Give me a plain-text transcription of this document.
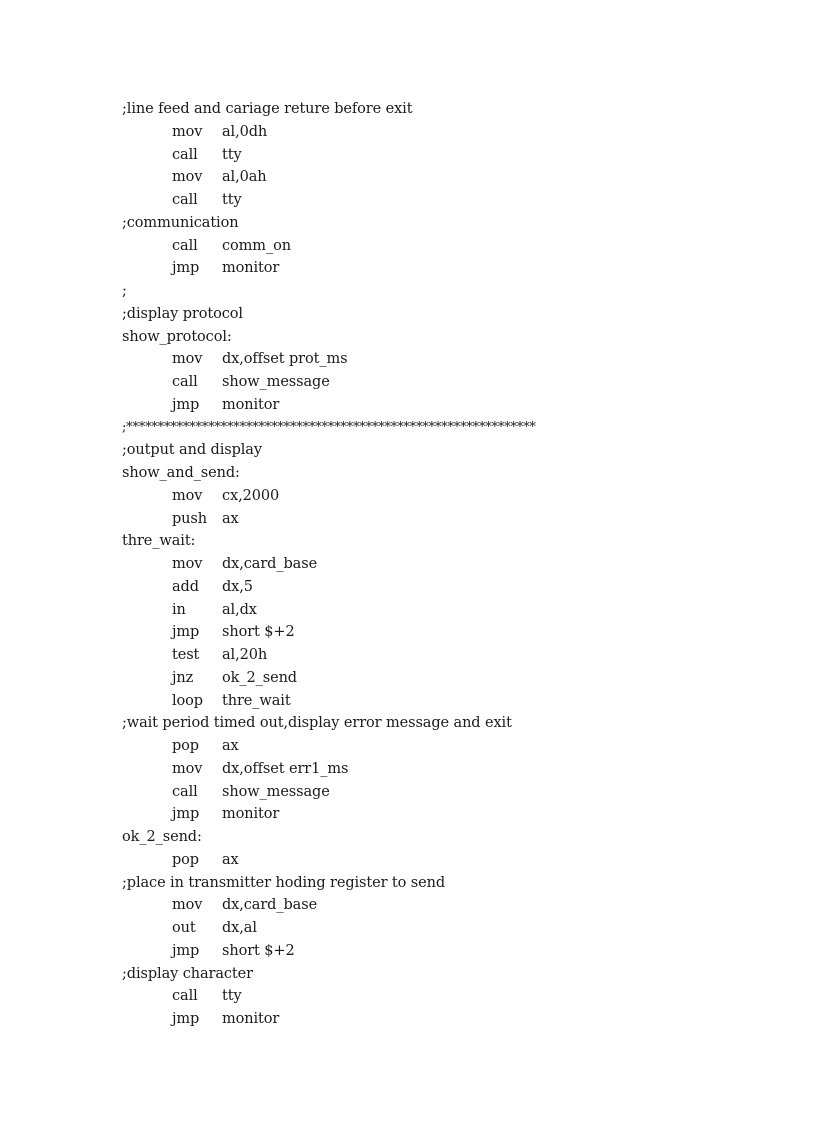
;line feed and cariage reture before exit
mov al,0dh
call tty
mov al,0ah
call tty
;communication
call comm_on
jmp monitor
;
;display protocol
show_protocol:
mov dx,offset prot_ms
call show_message
jmp monitor
;*****************************************************************
;output and display
show_and_send:
mov cx,2000
push ax
thre_wait:
mov dx,card_base
add dx,5
in al,dx
jmp short $+2
test al,20h
jnz ok_2_send
loop thre_wait
;wait period timed out,display error message and exit
pop ax
mov dx,offset err1_ms
call show_message
jmp monitor
ok_2_send:
pop ax
;place in transmitter hoding register to send
mov dx,card_base
out dx,al
jmp short $+2
;display character
call tty
jmp monitor
